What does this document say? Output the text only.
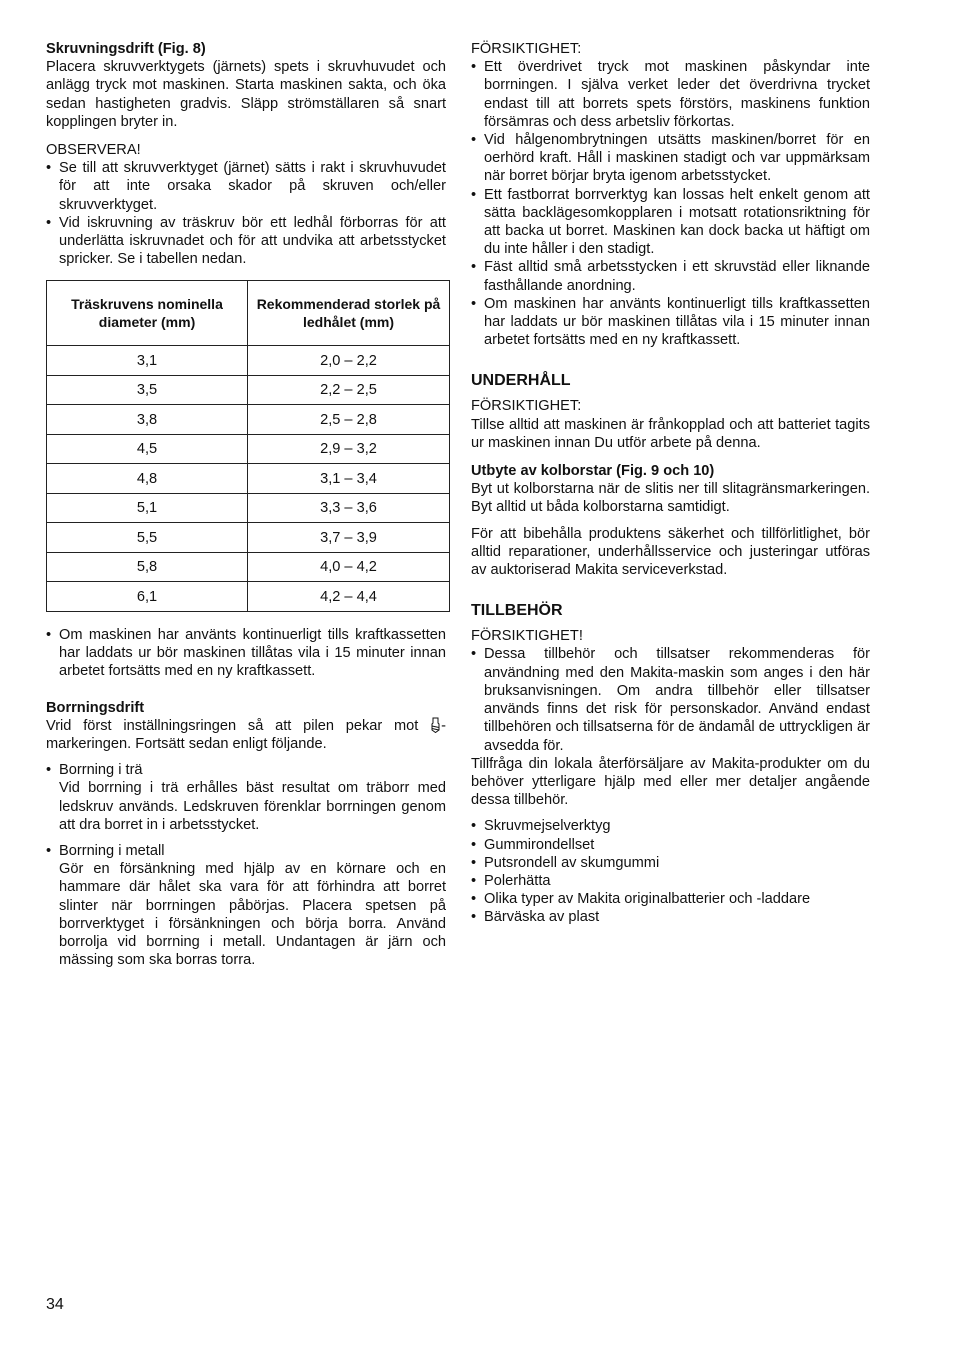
Skruvningsdrift (Fig. 8)

Placera skruvverktygets (järnets) spets i skruvhuvudet och anlägg tryck mot maskinen. Starta maskinen sakta, och öka sedan hastigheten gradvis. Släpp strömställaren så snart kopplingen bryter in.

OBSERVERA!

• Se till att skruvverktyget (järnet) sätts i rakt i skruvhuvudet för att inte orsaka skador på skruven och/eller skruvverktyget.
• Vid iskruvning av träskruv bör ett ledhål förborras för att underlätta iskruvnadet och för att undvika att arbetsstycket spricker. Se i tabellen nedan.
Träskruvens nominella diameter (mm)	Rekommenderad storlek på ledhålet (mm)
3,1	2,0 – 2,2
3,5	2,2 – 2,5
3,8	2,5 – 2,8
4,5	2,9 – 3,2
4,8	3,1 – 3,4
5,1	3,3 – 3,6
5,5	3,7 – 3,9
5,8	4,0 – 4,2
6,1	4,2 – 4,4
• Om maskinen har använts kontinuerligt tills kraftkassetten har laddats ur bör maskinen tillåtas vila i 15 minuter innan arbetet fortsätts med en ny kraftkassett.

Borrningsdrift

Vrid först inställningsringen så att pilen pekar mot -markeringen. Fortsätt sedan enligt följande.

• Borrning i trä
Vid borrning i trä erhålles bäst resultat om träborr med ledskruv används. Ledskruven förenklar borrningen genom att dra borret in i arbetsstycket.
• Borrning i metall
Gör en försänkning med hjälp av en körnare och en hammare där hålet ska vara för att förhindra att borret slinter när borrningen påbörjas. Placera spetsen på borrverktyget i försänkningen och börja borra. Använd borrolja vid borrning i metall. Undantagen är järn och mässing som ska borras torra.

FÖRSIKTIGHET:

• Ett överdrivet tryck mot maskinen påskyndar inte borrningen. I själva verket leder det överdrivna trycket endast till att borrets spets förstörs, maskinens funktion försämras och dess arbetsliv förkortas.
• Vid hålgenombrytningen utsätts maskinen/borret för en oerhörd kraft. Håll i maskinen stadigt och var uppmärksam när borret börjar bryta igenom arbetsstycket.
• Ett fastborrat borrverktyg kan lossas helt enkelt genom att sätta backlägesomkopplaren i motsatt rotationsriktning för att backa ut borret. Maskinen kan dock backa ut häftigt om du inte håller i den stadigt.
• Fäst alltid små arbetsstycken i ett skruvstäd eller liknande fasthållande anordning.
• Om maskinen har använts kontinuerligt tills kraftkassetten har laddats ur bör maskinen tillåtas vila i 15 minuter innan arbetet fortsätts med en ny kraftkassett.

UNDERHÅLL

FÖRSIKTIGHET:

Tillse alltid att maskinen är frånkopplad och att batteriet tagits ur maskinen innan Du utför arbete på denna.

Utbyte av kolborstar (Fig. 9 och 10)

Byt ut kolborstarna när de slitis ner till slitagränsmarkeringen. Byt alltid ut båda kolborstarna samtidigt.

För att bibehålla produktens säkerhet och tillförlitlighet, bör alltid reparationer, underhållsservice och justeringar utföras av auktoriserad Makita serviceverkstad.

TILLBEHÖR

FÖRSIKTIGHET!

• Dessa tillbehör och tillsatser rekommenderas för användning med den Makita-maskin som anges i den här bruksanvisningen. Om andra tillbehör eller tillsatser används finns det risk för personskador. Använd endast tillbehören och tillsatserna för de ändamål de uttryckligen är avsedda för.

Tillfråga din lokala återförsäljare av Makita-produkter om du behöver ytterligare hjälp med eller mer detaljer angående dessa tillbehör.

• Skruvmejselverktyg
• Gummirondellset
• Putsrondell av skumgummi
• Polerhätta
• Olika typer av Makita originalbatterier och -laddare
• Bärväska av plast
34
